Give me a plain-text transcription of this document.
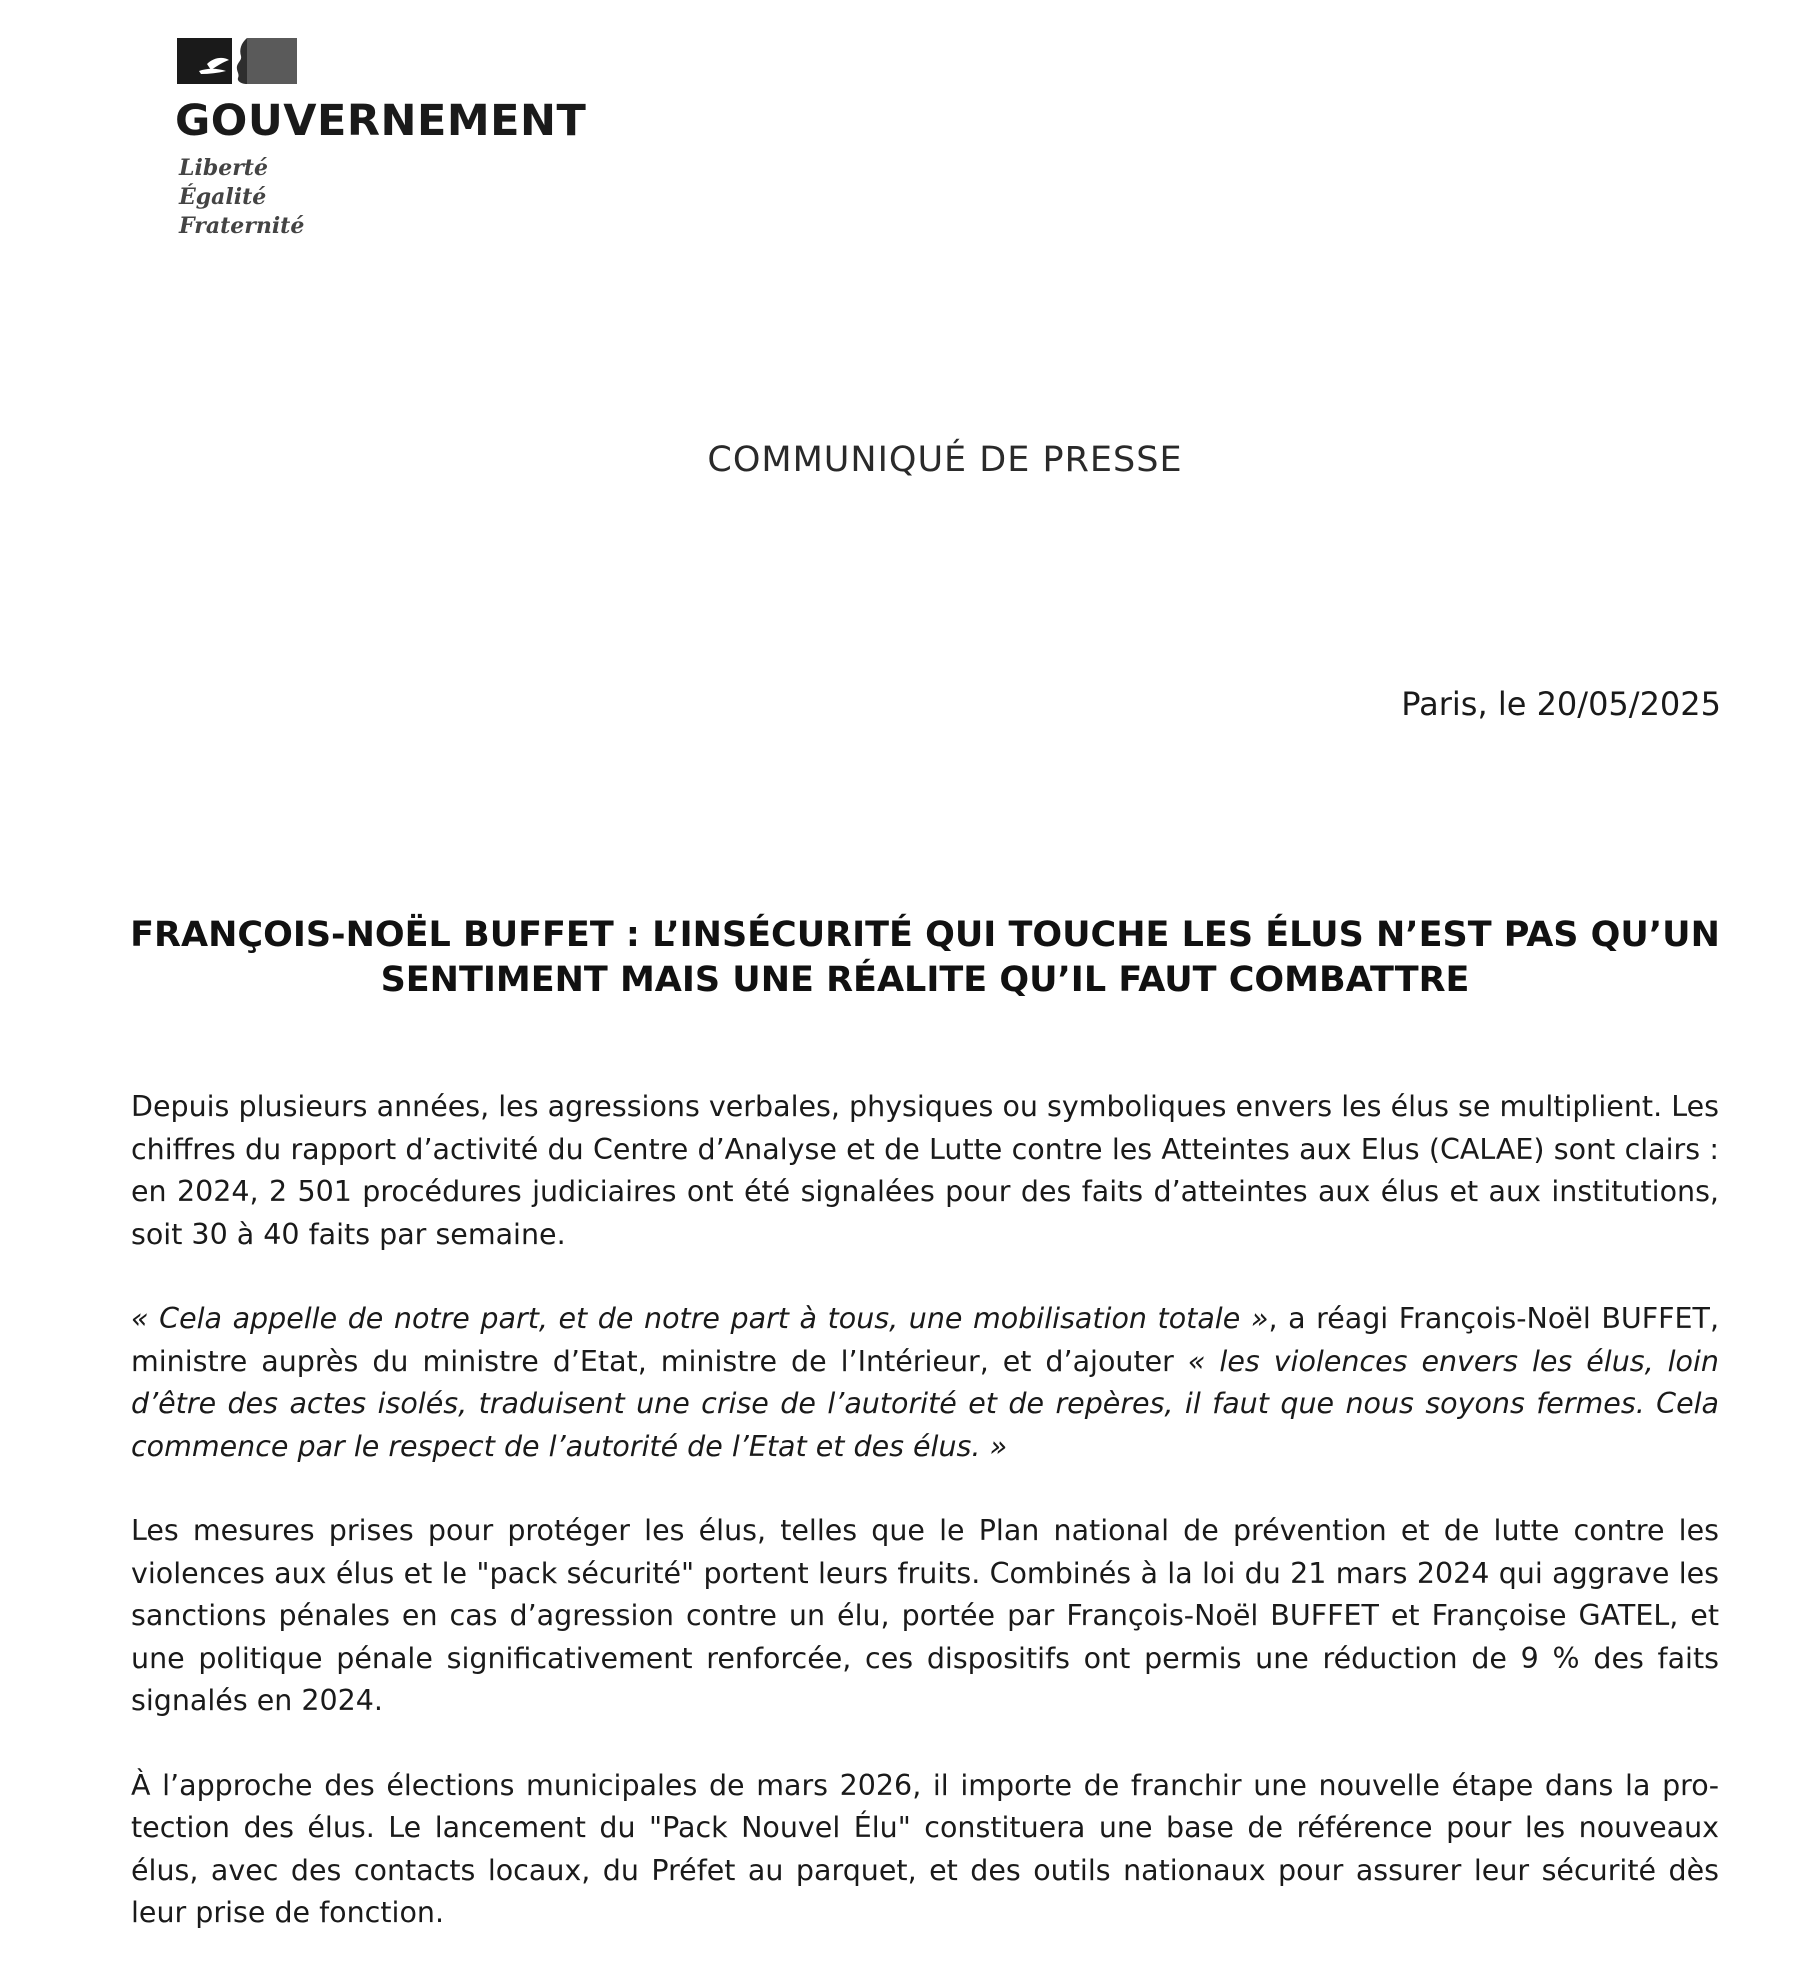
GOUVERNEMENT
Liberté
Égalité
Fraternité
COMMUNIQUÉ DE PRESSE
Paris, le 20/05/2025
FRANÇOIS-NOËL BUFFET : L’INSÉCURITÉ QUI TOUCHE LES ÉLUS N’EST PAS QU’UN
SENTIMENT MAIS UNE RÉALITE QU’IL FAUT COMBATTRE

Depuis plusieurs années, les agressions verbales, physiques ou symboliques envers les élus se multiplient. Les chiffres du rapport d’activité du Centre d’Analyse et de Lutte contre les Atteintes aux Elus (CALAE) sont clairs : en 2024, 2 501 procédures judiciaires ont été signalées pour des faits d’atteintes aux élus et aux institutions, soit 30 à 40 faits par semaine.

« Cela appelle de notre part, et de notre part à tous, une mobilisation totale », a réagi François-Noël BUFFET, ministre auprès du ministre d’Etat, ministre de l’Intérieur, et d’ajouter « les violences envers les élus, loin d’être des actes isolés, traduisent une crise de l’autorité et de repères, il faut que nous soyons fermes. Cela commence par le respect de l’autorité de l’Etat et des élus. »

Les mesures prises pour protéger les élus, telles que le Plan national de prévention et de lutte contre les violences aux élus et le "pack sécurité" portent leurs fruits. Combinés à la loi du 21 mars 2024 qui aggrave les sanctions pénales en cas d’agression contre un élu, portée par François-Noël BUFFET et Françoise GATEL, et une politique pénale significativement renforcée, ces dispositifs ont permis une réduction de 9 % des faits signalés en 2024.

À l’approche des élections municipales de mars 2026, il importe de franchir une nouvelle étape dans la protection des élus. Le lancement du "Pack Nouvel Élu" constituera une base de référence pour les nouveaux élus, avec des contacts locaux, du Préfet au parquet, et des outils nationaux pour assurer leur sécurité dès leur prise de fonction.
